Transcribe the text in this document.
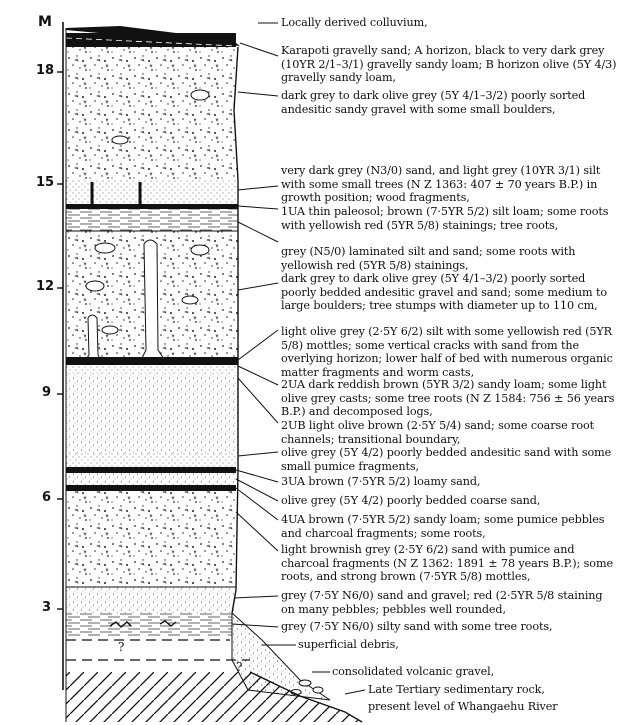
M
18
15
12
9
6
3
?
?
Locally derived colluvium,
Karapoti gravelly sand; A horizon, black to very dark grey (10YR 2/1–3/1) gravelly sandy loam; B horizon olive (5Y 4/3) gravelly sandy loam,
dark grey to dark olive grey (5Y 4/1–3/2) poorly sorted andesitic sandy gravel with some small boulders,
very dark grey (N3/0) sand, and light grey (10YR 3/1) silt with some small trees (N Z 1363: 407 ± 70 years B.P.) in growth position; wood fragments,
1UA thin paleosol; brown (7·5YR 5/2) silt loam; some roots with yellowish red (5YR 5/8) stainings; tree roots,
grey (N5/0) laminated silt and sand; some roots with yellowish red (5YR 5/8) stainings,
dark grey to dark olive grey (5Y 4/1–3/2) poorly sorted poorly bedded andesitic gravel and sand; some medium to large boulders; tree stumps with diameter up to 110 cm,
light olive grey (2·5Y 6/2) silt with some yellowish red (5YR 5/8) mottles; some vertical cracks with sand from the overlying horizon; lower half of bed with numerous organic matter fragments and worm casts,
2UA dark reddish brown (5YR 3/2) sandy loam; some light olive grey casts; some tree roots (N Z 1584: 756 ± 56 years B.P.) and decomposed logs,
2UB light olive brown (2·5Y 5/4) sand; some coarse root channels; transitional boundary,
olive grey (5Y 4/2) poorly bedded andesitic sand with some small pumice fragments,
3UA brown (7·5YR 5/2) loamy sand,
olive grey (5Y 4/2) poorly bedded coarse sand,
4UA brown (7·5YR 5/2) sandy loam; some pumice pebbles and charcoal fragments; some roots,
light brownish grey (2·5Y 6/2) sand with pumice and charcoal fragments (N Z 1362: 1891 ± 78 years B.P.); some roots, and strong brown (7·5YR 5/8) mottles,
grey (7·5Y N6/0) sand and gravel; red (2·5YR 5/8 staining on many pebbles; pebbles well rounded,
grey (7·5Y N6/0) silty sand with some tree roots,
superficial debris,
consolidated volcanic gravel,
Late Tertiary sedimentary rock,
present level of Whangaehu River
